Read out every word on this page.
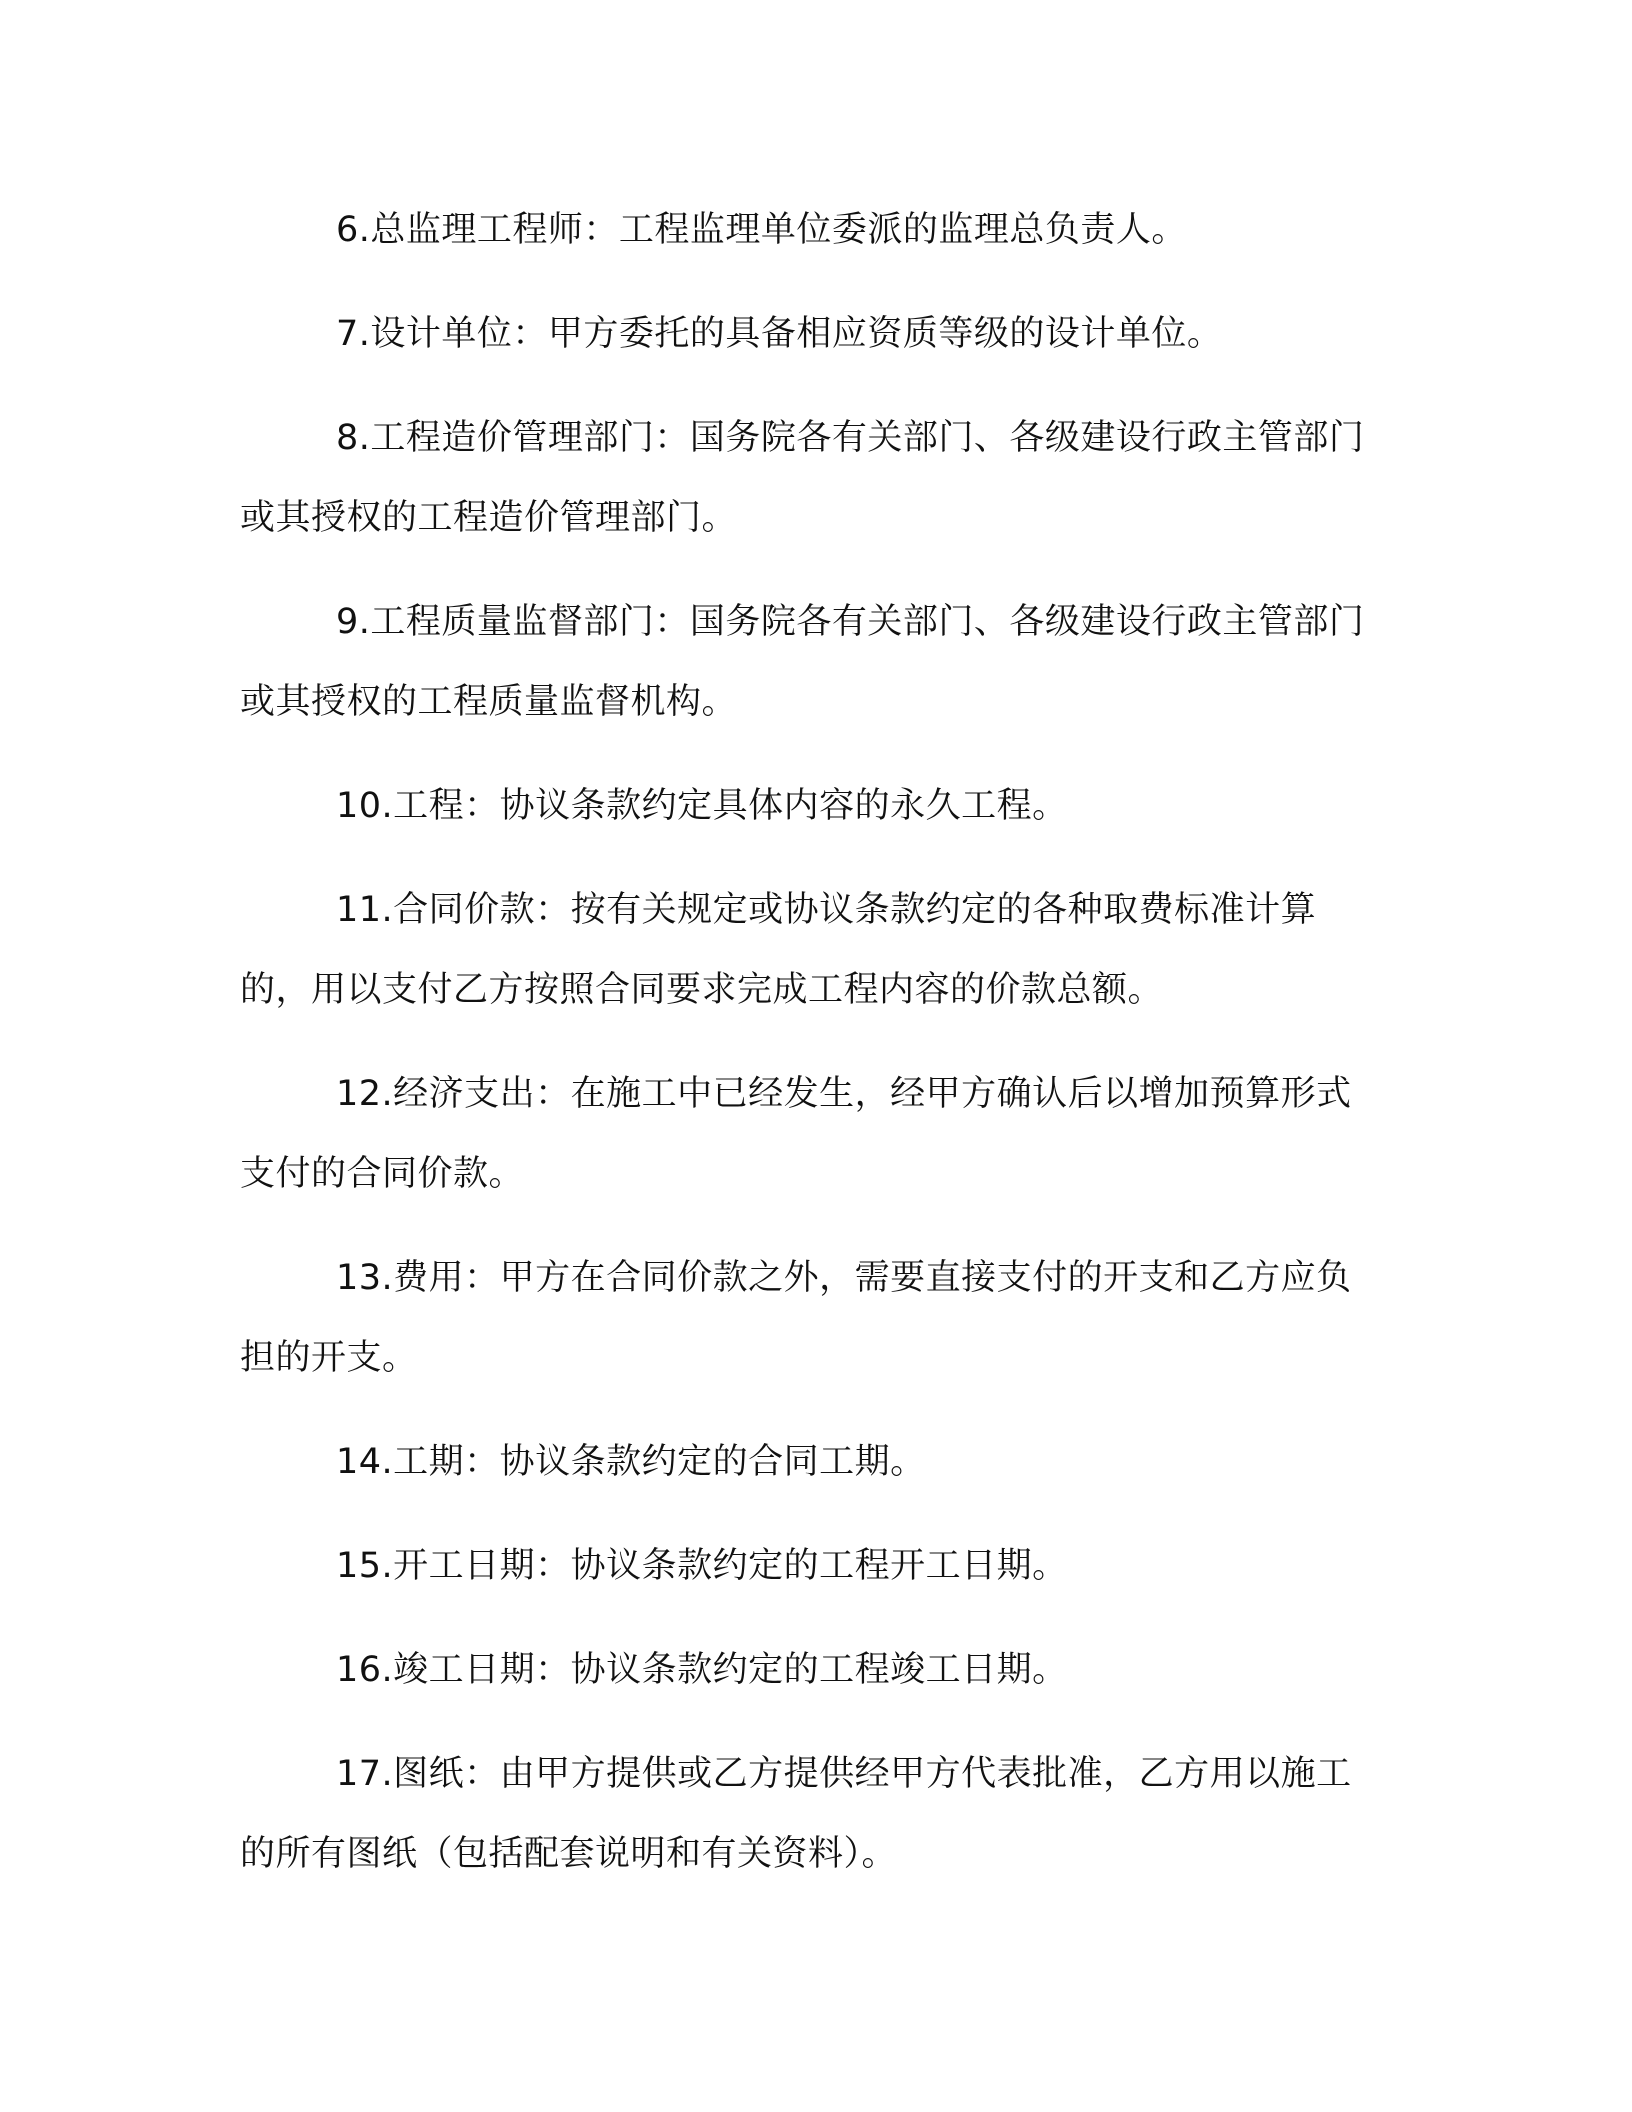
6.总监理工程师：工程监理单位委派的监理总负责人。

7.设计单位：甲方委托的具备相应资质等级的设计单位。

8.工程造价管理部门：国务院各有关部门、各级建设行政主管部门或其授权的工程造价管理部门。

9.工程质量监督部门：国务院各有关部门、各级建设行政主管部门或其授权的工程质量监督机构。

10.工程：协议条款约定具体内容的永久工程。

11.合同价款：按有关规定或协议条款约定的各种取费标准计算的，用以支付乙方按照合同要求完成工程内容的价款总额。

12.经济支出：在施工中已经发生，经甲方确认后以增加预算形式支付的合同价款。

13.费用：甲方在合同价款之外，需要直接支付的开支和乙方应负担的开支。

14.工期：协议条款约定的合同工期。

15.开工日期：协议条款约定的工程开工日期。

16.竣工日期：协议条款约定的工程竣工日期。

17.图纸：由甲方提供或乙方提供经甲方代表批准，乙方用以施工的所有图纸（包括配套说明和有关资料）。
